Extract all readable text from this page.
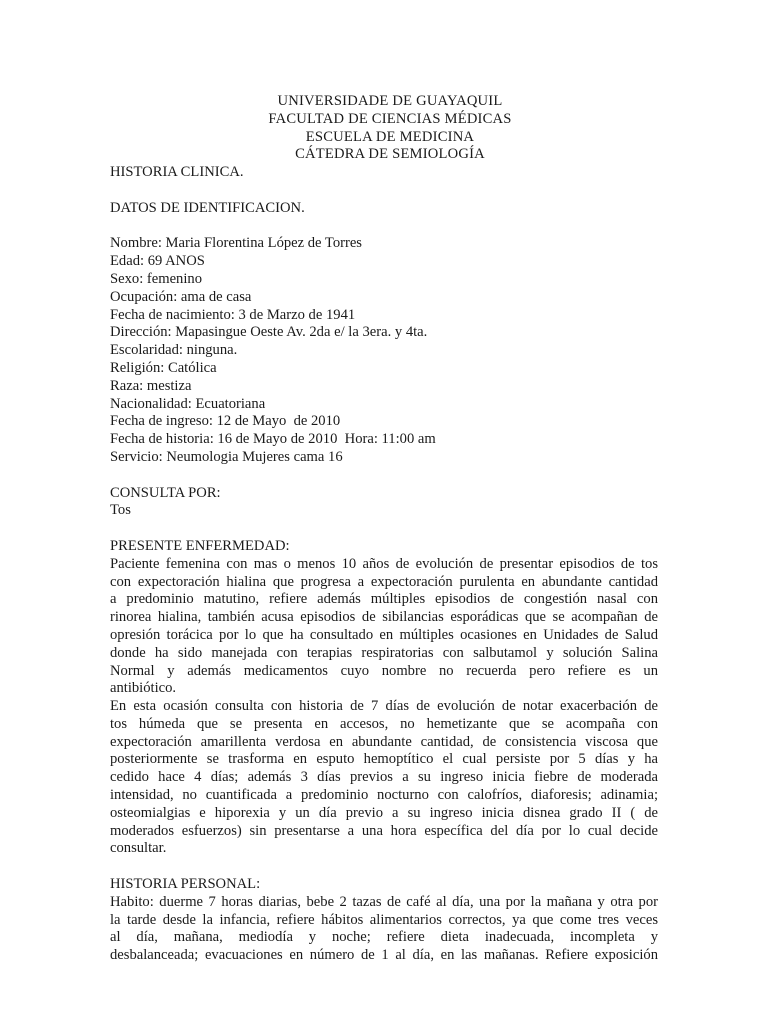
UNIVERSIDADE DE GUAYAQUIL
FACULTAD DE CIENCIAS MÉDICAS
ESCUELA DE MEDICINA
CÁTEDRA DE SEMIOLOGÍA
HISTORIA CLINICA.
DATOS DE IDENTIFICACION.
Nombre: Maria Florentina López de Torres
Edad: 69 ANOS
Sexo: femenino
Ocupación: ama de casa
Fecha de nacimiento: 3 de Marzo de 1941
Dirección: Mapasingue Oeste Av. 2da e/ la 3era. y 4ta.
Escolaridad: ninguna.
Religión: Católica
Raza: mestiza
Nacionalidad: Ecuatoriana
Fecha de ingreso: 12 de Mayo  de 2010
Fecha de historia: 16 de Mayo de 2010  Hora: 11:00 am
Servicio: Neumologia Mujeres cama 16
CONSULTA POR:
Tos
PRESENTE ENFERMEDAD:
Paciente femenina con mas o menos 10 años de evolución de presentar episodios de tos
con expectoración hialina que progresa a expectoración purulenta en abundante cantidad
a predominio matutino, refiere además múltiples episodios de congestión nasal con
rinorea hialina, también acusa episodios de sibilancias esporádicas que se acompañan de
opresión torácica por lo que ha consultado en múltiples ocasiones en Unidades de Salud
donde ha sido manejada con terapias respiratorias con salbutamol y solución Salina
Normal y además medicamentos cuyo nombre no recuerda pero refiere es un
antibiótico.
En esta ocasión consulta con historia de 7 días de evolución de notar exacerbación de
tos húmeda que se presenta en accesos, no hemetizante que se acompaña con
expectoración amarillenta verdosa en abundante cantidad, de consistencia viscosa que
posteriormente se trasforma en esputo hemoptítico el cual persiste por 5 días y ha
cedido hace 4 días; además 3 días previos a su ingreso inicia fiebre de moderada
intensidad, no cuantificada a predominio nocturno con calofríos, diaforesis; adinamia;
osteomialgias e hiporexia y un día previo a su ingreso inicia disnea grado II ( de
moderados esfuerzos) sin presentarse a una hora específica del día por lo cual decide
consultar.
HISTORIA PERSONAL:
Habito: duerme 7 horas diarias, bebe 2 tazas de café al día, una por la mañana y otra por
la tarde desde la infancia, refiere hábitos alimentarios correctos, ya que come tres veces
al día, mañana, mediodía y noche; refiere dieta inadecuada, incompleta y
desbalanceada; evacuaciones en número de 1 al día, en las mañanas. Refiere exposición
